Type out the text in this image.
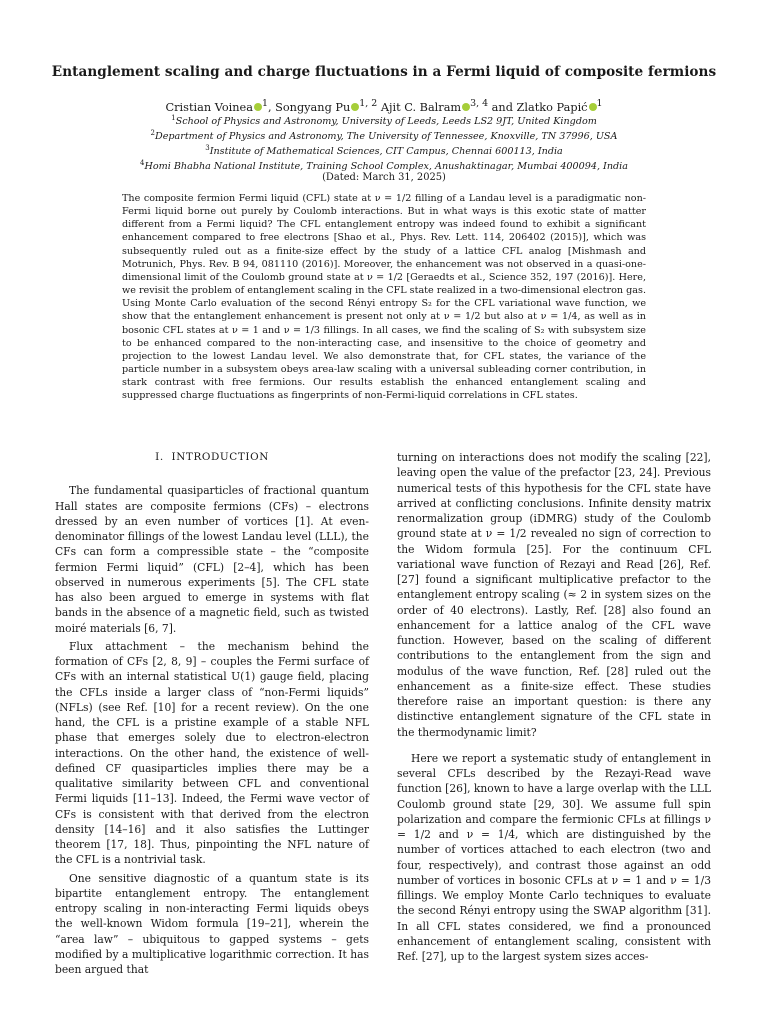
Entanglement scaling and charge fluctuations in a Fermi liquid of composite fermions
Cristian Voinea $^1$, Songyang Pu $^{1, 2}$ Ajit C. Balram $^{3, 4}$ and Zlatko Papić $^1$
$^1$School of Physics and Astronomy, University of Leeds, Leeds LS2 9JT, United Kingdom
$^2$Department of Physics and Astronomy, The University of Tennessee, Knoxville, TN 37996, USA
$^3$Institute of Mathematical Sciences, CIT Campus, Chennai 600113, India
$^4$Homi Bhabha National Institute, Training School Complex, Anushaktinagar, Mumbai 400094, India
(Dated: March 31, 2025)
The composite fermion Fermi liquid (CFL) state at ν = 1/2 filling of a Landau level is a paradigmatic non-Fermi liquid borne out purely by Coulomb interactions. But in what ways is this exotic state of matter different from a Fermi liquid? The CFL entanglement entropy was indeed found to exhibit a significant enhancement compared to free electrons [Shao et al., Phys. Rev. Lett. 114, 206402 (2015)], which was subsequently ruled out as a finite-size effect by the study of a lattice CFL analog [Mishmash and Motrunich, Phys. Rev. B 94, 081110 (2016)]. Moreover, the enhancement was not observed in a quasi-one-dimensional limit of the Coulomb ground state at ν = 1/2 [Geraedts et al., Science 352, 197 (2016)]. Here, we revisit the problem of entanglement scaling in the CFL state realized in a two-dimensional electron gas. Using Monte Carlo evaluation of the second Rényi entropy S₂ for the CFL variational wave function, we show that the entanglement enhancement is present not only at ν = 1/2 but also at ν = 1/4, as well as in bosonic CFL states at ν = 1 and ν = 1/3 fillings. In all cases, we find the scaling of S₂ with subsystem size to be enhanced compared to the non-interacting case, and insensitive to the choice of geometry and projection to the lowest Landau level. We also demonstrate that, for CFL states, the variance of the particle number in a subsystem obeys area-law scaling with a universal subleading corner contribution, in stark contrast with free fermions. Our results establish the enhanced entanglement scaling and suppressed charge fluctuations as fingerprints of non-Fermi-liquid correlations in CFL states.

I. INTRODUCTION

The fundamental quasiparticles of fractional quantum Hall states are composite fermions (CFs) – electrons dressed by an even number of vortices [1]. At even-denominator fillings of the lowest Landau level (LLL), the CFs can form a compressible state – the “composite fermion Fermi liquid” (CFL) [2–4], which has been observed in numerous experiments [5]. The CFL state has also been argued to emerge in systems with flat bands in the absence of a magnetic field, such as twisted moiré materials [6, 7].

Flux attachment – the mechanism behind the formation of CFs [2, 8, 9] – couples the Fermi surface of CFs with an internal statistical U(1) gauge field, placing the CFLs inside a larger class of “non-Fermi liquids” (NFLs) (see Ref. [10] for a recent review). On the one hand, the CFL is a pristine example of a stable NFL phase that emerges solely due to electron-electron interactions. On the other hand, the existence of well-defined CF quasiparticles implies there may be a qualitative similarity between CFL and conventional Fermi liquids [11–13]. Indeed, the Fermi wave vector of CFs is consistent with that derived from the electron density [14–16] and it also satisfies the Luttinger theorem [17, 18]. Thus, pinpointing the NFL nature of the CFL is a nontrivial task.

One sensitive diagnostic of a quantum state is its bipartite entanglement entropy. The entanglement entropy scaling in non-interacting Fermi liquids obeys the well-known Widom formula [19–21], wherein the “area law” – ubiquitous to gapped systems – gets modified by a multiplicative logarithmic correction. It has been argued that

turning on interactions does not modify the scaling [22], leaving open the value of the prefactor [23, 24]. Previous numerical tests of this hypothesis for the CFL state have arrived at conflicting conclusions. Infinite density matrix renormalization group (iDMRG) study of the Coulomb ground state at ν = 1/2 revealed no sign of correction to the Widom formula [25]. For the continuum CFL variational wave function of Rezayi and Read [26], Ref. [27] found a significant multiplicative prefactor to the entanglement entropy scaling (≈ 2 in system sizes on the order of 40 electrons). Lastly, Ref. [28] also found an enhancement for a lattice analog of the CFL wave function. However, based on the scaling of different contributions to the entanglement from the sign and modulus of the wave function, Ref. [28] ruled out the enhancement as a finite-size effect. These studies therefore raise an important question: is there any distinctive entanglement signature of the CFL state in the thermodynamic limit?

Here we report a systematic study of entanglement in several CFLs described by the Rezayi-Read wave function [26], known to have a large overlap with the LLL Coulomb ground state [29, 30]. We assume full spin polarization and compare the fermionic CFLs at fillings ν = 1/2 and ν = 1/4, which are distinguished by the number of vortices attached to each electron (two and four, respectively), and contrast those against an odd number of vortices in bosonic CFLs at ν = 1 and ν = 1/3 fillings. We employ Monte Carlo techniques to evaluate the second Rényi entropy using the SWAP algorithm [31]. In all CFL states considered, we find a pronounced enhancement of entanglement scaling, consistent with Ref. [27], up to the largest system sizes acces-
